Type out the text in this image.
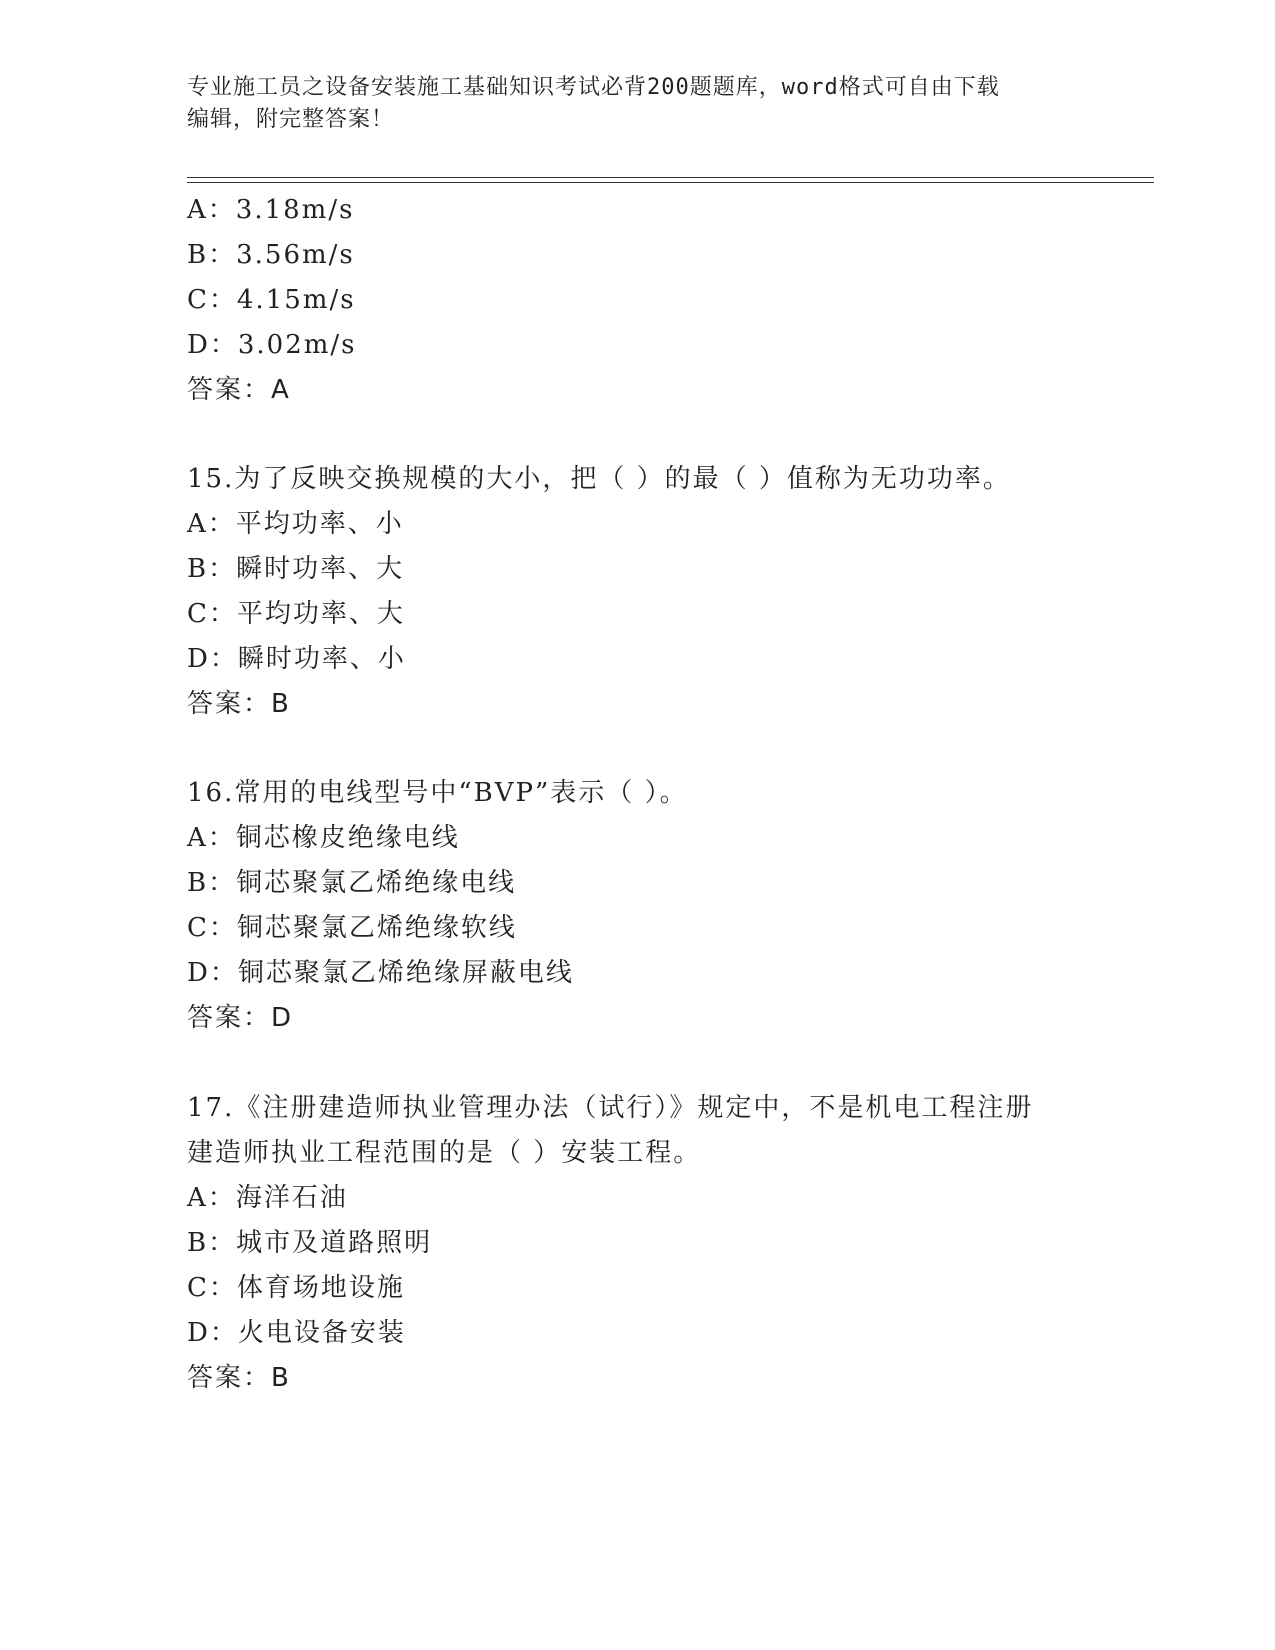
专业施工员之设备安装施工基础知识考试必背200题题库，word格式可自由下载
编辑，附完整答案！
A：3.18m/s
B：3.56m/s
C：4.15m/s
D：3.02m/s
答案：A
15.为了反映交换规模的大小，把（ ）的最（ ）值称为无功功率。
A：平均功率、小
B：瞬时功率、大
C：平均功率、大
D：瞬时功率、小
答案：B
16.常用的电线型号中“BVP”表示（ ）。
A：铜芯橡皮绝缘电线
B：铜芯聚氯乙烯绝缘电线
C：铜芯聚氯乙烯绝缘软线
D：铜芯聚氯乙烯绝缘屏蔽电线
答案：D
17.《注册建造师执业管理办法（试行）》规定中，不是机电工程注册
建造师执业工程范围的是（ ）安装工程。
A：海洋石油
B：城市及道路照明
C：体育场地设施
D：火电设备安装
答案：B
